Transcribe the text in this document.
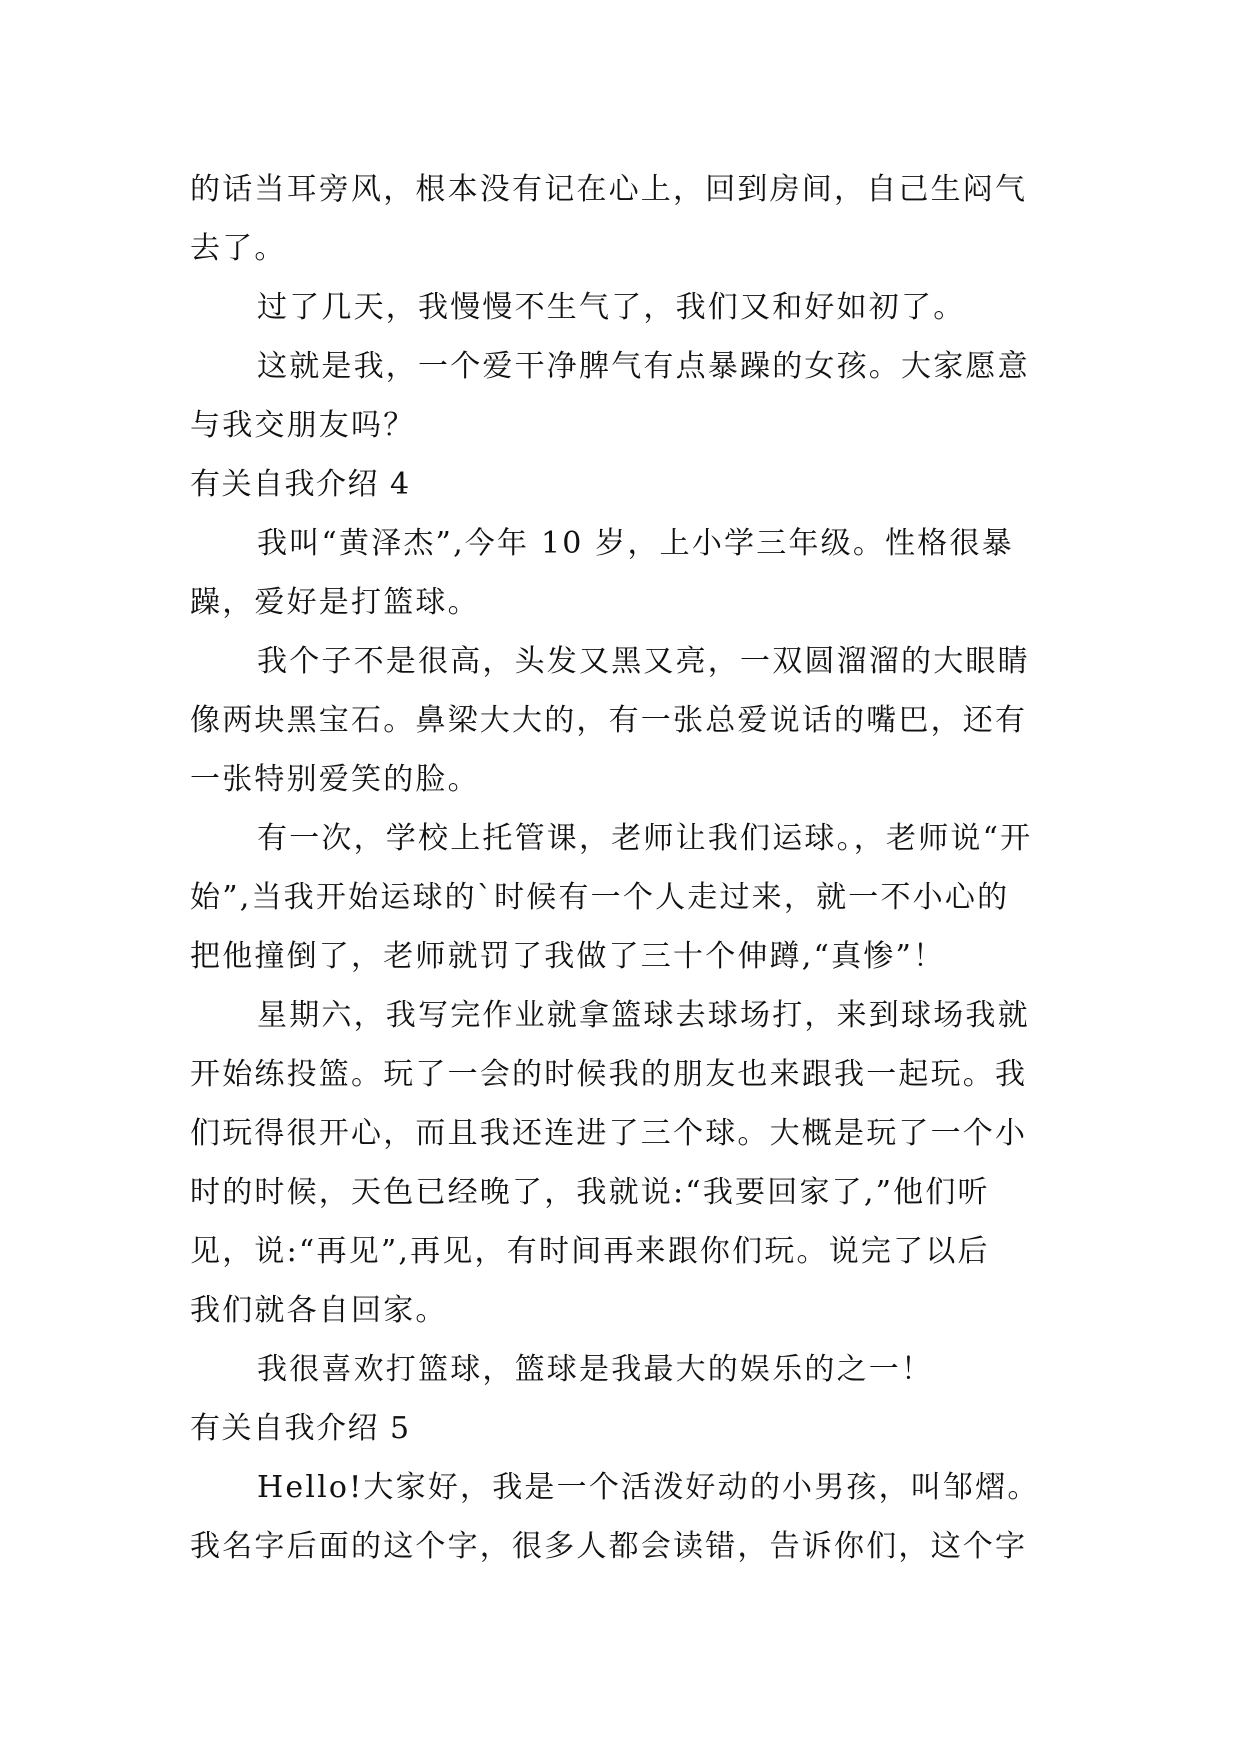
的话当耳旁风，根本没有记在心上，回到房间，自己生闷气
去了。
过了几天，我慢慢不生气了，我们又和好如初了。
这就是我，一个爱干净脾气有点暴躁的女孩。大家愿意
与我交朋友吗？
有关自我介绍 4
我叫“黄泽杰”,今年 10 岁，上小学三年级。性格很暴
躁，爱好是打篮球。
我个子不是很高，头发又黑又亮，一双圆溜溜的大眼睛
像两块黑宝石。鼻梁大大的，有一张总爱说话的嘴巴，还有
一张特别爱笑的脸。
有一次，学校上托管课，老师让我们运球。，老师说“开
始”,当我开始运球的`时候有一个人走过来，就一不小心的
把他撞倒了，老师就罚了我做了三十个伸蹲,“真惨”！
星期六，我写完作业就拿篮球去球场打，来到球场我就
开始练投篮。玩了一会的时候我的朋友也来跟我一起玩。我
们玩得很开心，而且我还连进了三个球。大概是玩了一个小
时的时候，天色已经晚了，我就说:“我要回家了,”他们听
见，说:“再见”,再见，有时间再来跟你们玩。说完了以后
我们就各自回家。
我很喜欢打篮球，篮球是我最大的娱乐的之一！
有关自我介绍 5
Hello!大家好，我是一个活泼好动的小男孩，叫邹熠。
我名字后面的这个字，很多人都会读错，告诉你们，这个字
